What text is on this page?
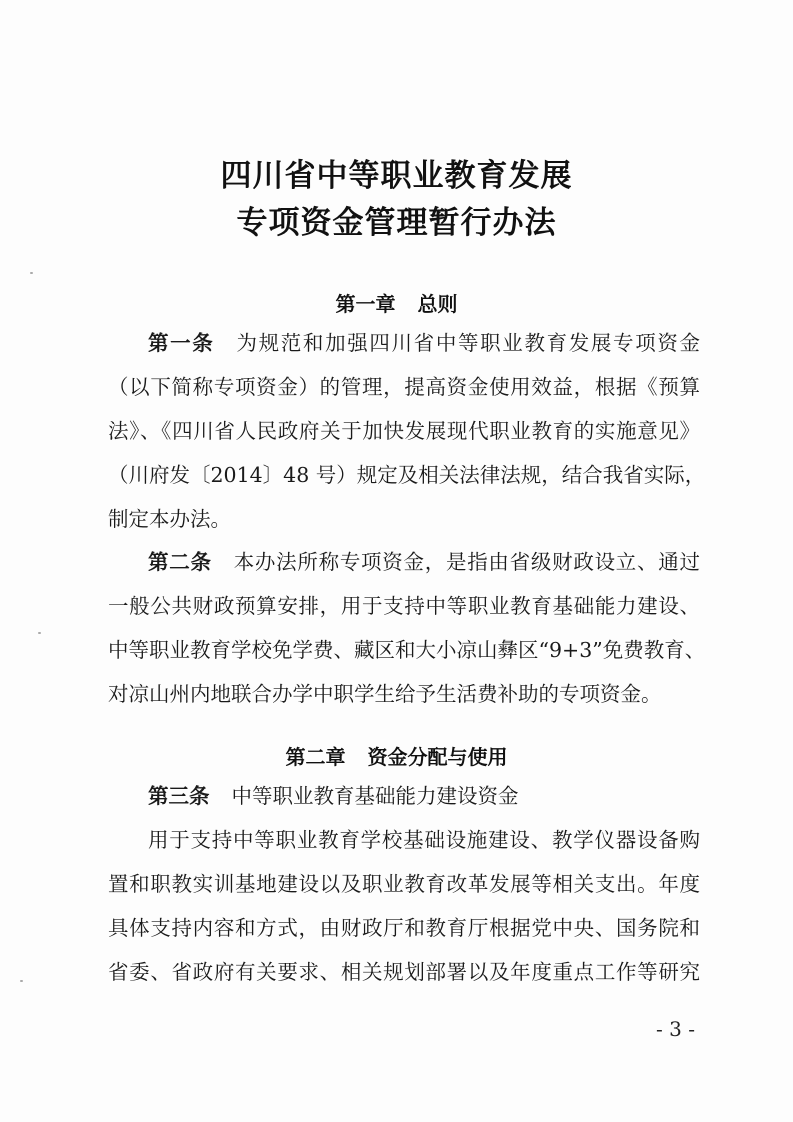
四川省中等职业教育发展
专项资金管理暂行办法
第一章 总则
第一条 为规范和加强四川省中等职业教育发展专项资金
（以下简称专项资金）的管理，提高资金使用效益，根据《预算
法》、《四川省人民政府关于加快发展现代职业教育的实施意见》
（川府发〔2014〕48 号）规定及相关法律法规，结合我省实际，
制定本办法。
第二条 本办法所称专项资金，是指由省级财政设立、通过
一般公共财政预算安排，用于支持中等职业教育基础能力建设、
中等职业教育学校免学费、藏区和大小凉山彝区“9+3”免费教育、
对凉山州内地联合办学中职学生给予生活费补助的专项资金。
第二章 资金分配与使用
第三条 中等职业教育基础能力建设资金
用于支持中等职业教育学校基础设施建设、教学仪器设备购
置和职教实训基地建设以及职业教育改革发展等相关支出。年度
具体支持内容和方式，由财政厅和教育厅根据党中央、国务院和
省委、省政府有关要求、相关规划部署以及年度重点工作等研究
- 3 -
